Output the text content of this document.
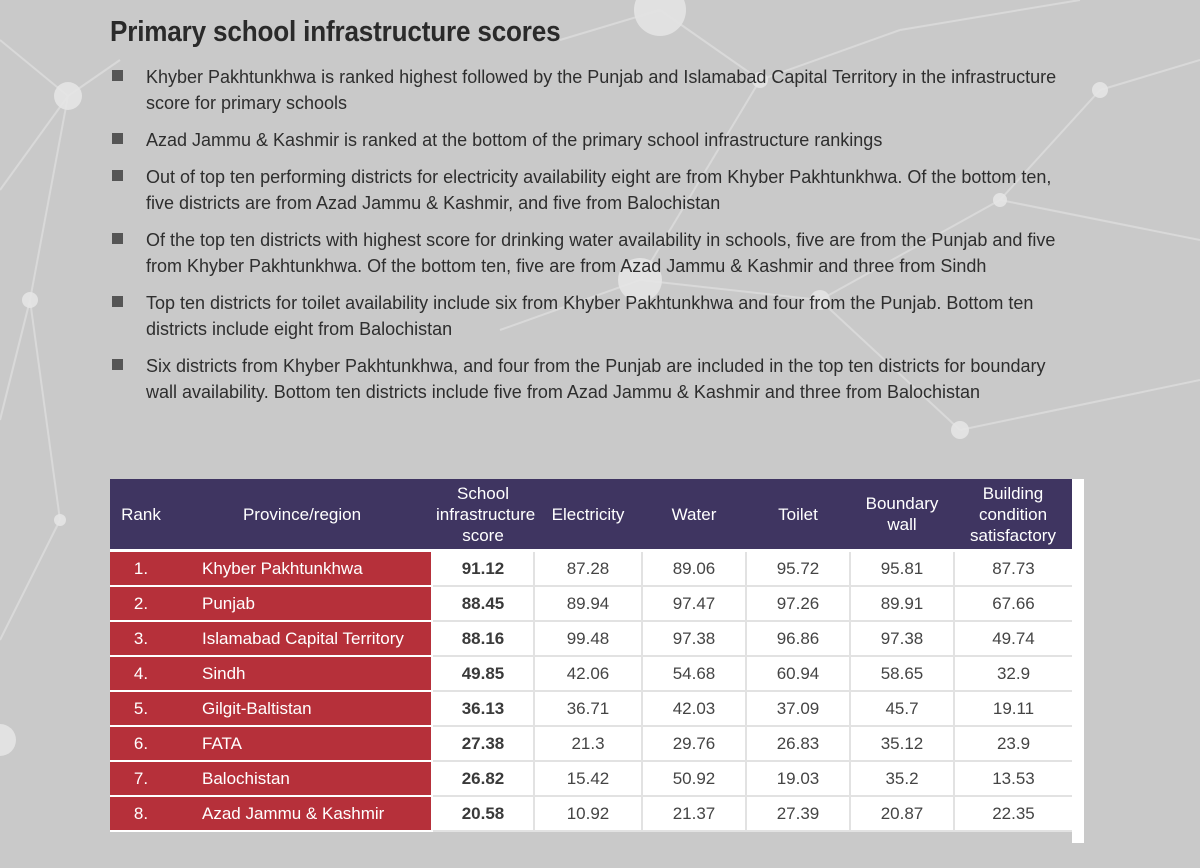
Primary school infrastructure scores
Khyber Pakhtunkhwa is ranked highest followed by the Punjab and Islamabad Capital Territory in the infrastructure score for primary schools
Azad Jammu & Kashmir is ranked at the bottom of the primary school infrastructure rankings
Out of top ten performing districts for electricity availability eight are from Khyber Pakhtunkhwa. Of the bottom ten, five districts are from Azad Jammu & Kashmir, and five from Balochistan
Of the top ten districts with highest score for drinking water availability in schools, five are from the Punjab and five from Khyber Pakhtunkhwa. Of the bottom ten, five are from Azad Jammu & Kashmir and three from Sindh
Top ten districts for toilet availability include six from Khyber Pakhtunkhwa and four from the Punjab. Bottom ten districts include eight from Balochistan
Six districts from Khyber Pakhtunkhwa, and four from the Punjab are included in the top ten districts for boundary wall availability. Bottom ten districts include five from Azad Jammu & Kashmir and three from Balochistan
Rank	Province/region	School infrastructure score	Electricity	Water	Toilet	Boundary wall	Building condition satisfactory
1.	Khyber Pakhtunkhwa	91.12	87.28	89.06	95.72	95.81	87.73
2.	Punjab	88.45	89.94	97.47	97.26	89.91	67.66
3.	Islamabad Capital Territory	88.16	99.48	97.38	96.86	97.38	49.74
4.	Sindh	49.85	42.06	54.68	60.94	58.65	32.9
5.	Gilgit-Baltistan	36.13	36.71	42.03	37.09	45.7	19.11
6.	FATA	27.38	21.3	29.76	26.83	35.12	23.9
7.	Balochistan	26.82	15.42	50.92	19.03	35.2	13.53
8.	Azad Jammu & Kashmir	20.58	10.92	21.37	27.39	20.87	22.35
